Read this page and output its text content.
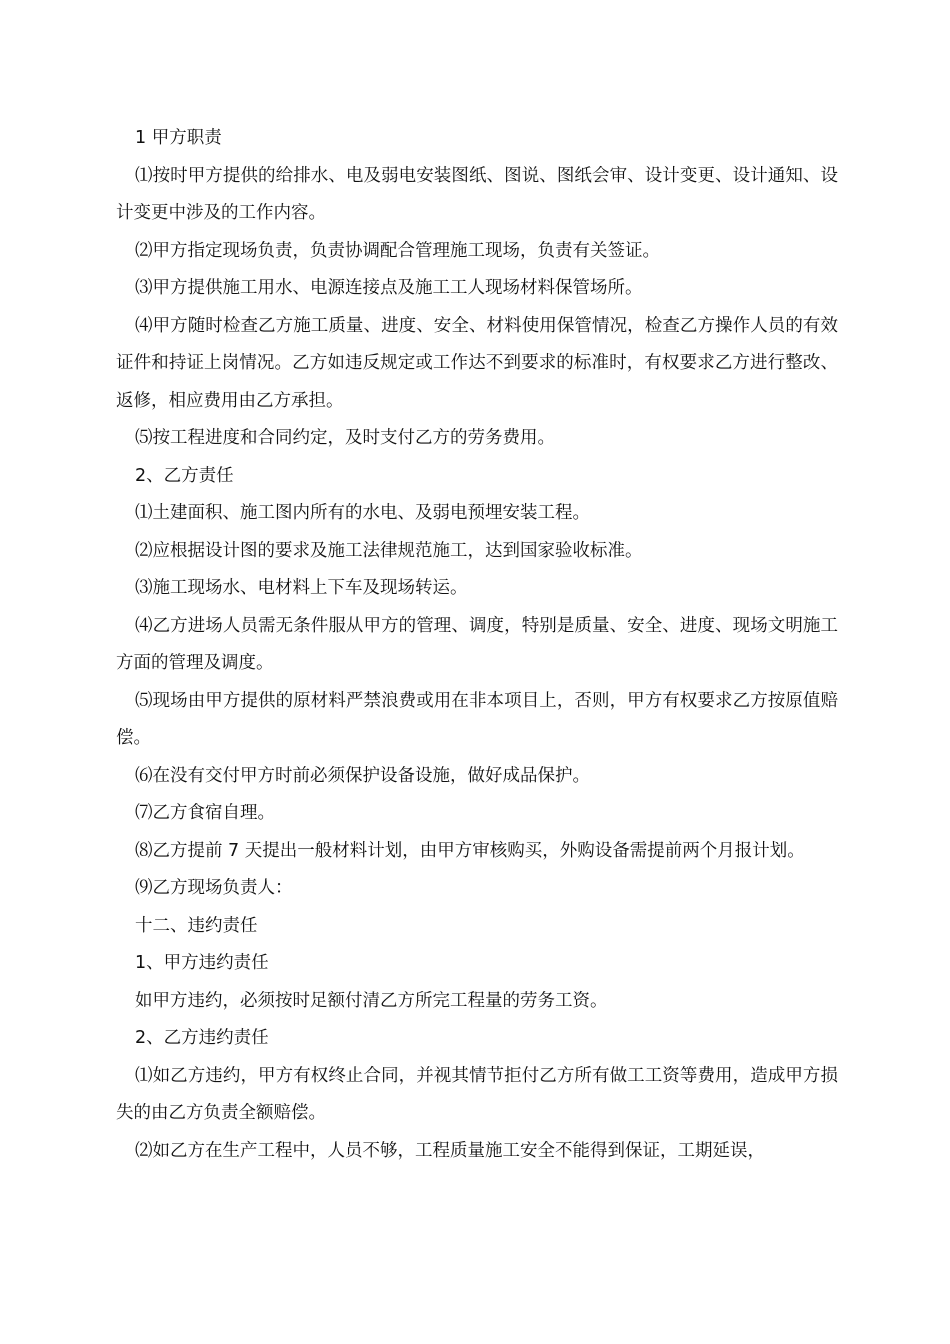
1 甲方职责

⑴按时甲方提供的给排水、电及弱电安装图纸、图说、图纸会审、设计变更、设计通知、设计变更中涉及的工作内容。

⑵甲方指定现场负责，负责协调配合管理施工现场，负责有关签证。

⑶甲方提供施工用水、电源连接点及施工工人现场材料保管场所。

⑷甲方随时检查乙方施工质量、进度、安全、材料使用保管情况，检查乙方操作人员的有效证件和持证上岗情况。乙方如违反规定或工作达不到要求的标准时，有权要求乙方进行整改、返修，相应费用由乙方承担。

⑸按工程进度和合同约定，及时支付乙方的劳务费用。

2、乙方责任

⑴土建面积、施工图内所有的水电、及弱电预埋安装工程。

⑵应根据设计图的要求及施工法律规范施工，达到国家验收标准。

⑶施工现场水、电材料上下车及现场转运。

⑷乙方进场人员需无条件服从甲方的管理、调度，特别是质量、安全、进度、现场文明施工方面的管理及调度。

⑸现场由甲方提供的原材料严禁浪费或用在非本项目上，否则，甲方有权要求乙方按原值赔偿。

⑹在没有交付甲方时前必须保护设备设施，做好成品保护。

⑺乙方食宿自理。

⑻乙方提前 7 天提出一般材料计划，由甲方审核购买，外购设备需提前两个月报计划。

⑼乙方现场负责人：

十二、违约责任

1、甲方违约责任

如甲方违约，必须按时足额付清乙方所完工程量的劳务工资。

2、乙方违约责任

⑴如乙方违约，甲方有权终止合同，并视其情节拒付乙方所有做工工资等费用，造成甲方损失的由乙方负责全额赔偿。

⑵如乙方在生产工程中，人员不够，工程质量施工安全不能得到保证，工期延误，
